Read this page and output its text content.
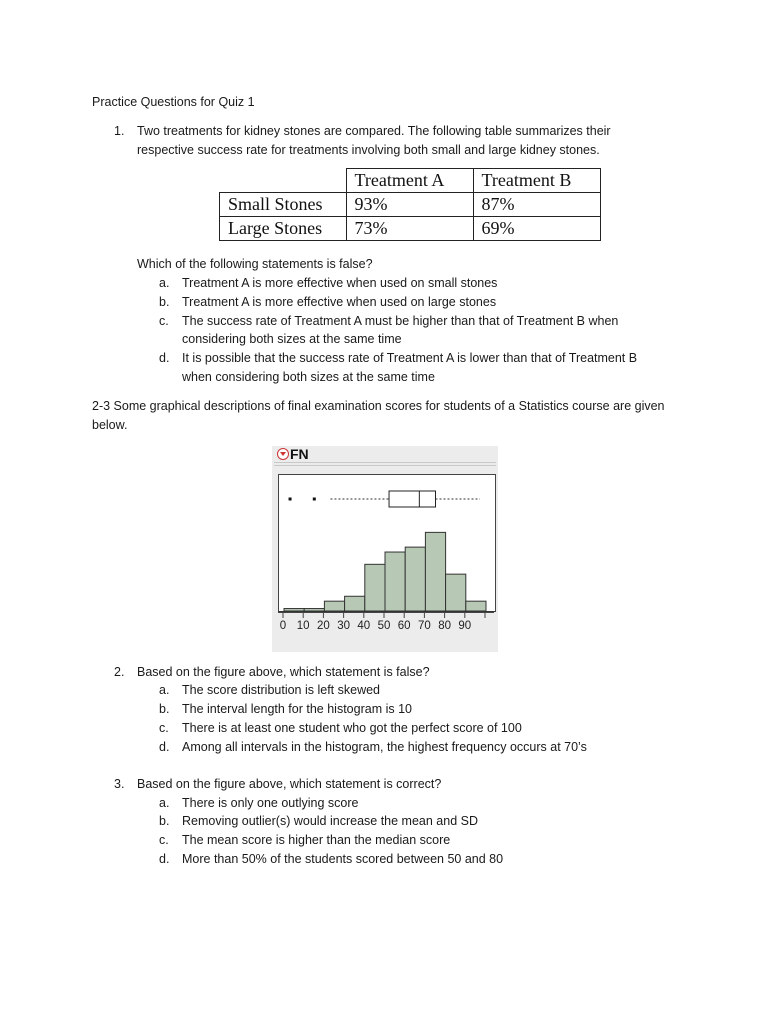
Practice Questions for Quiz 1
1. Two treatments for kidney stones are compared. The following table summarizes their
respective success rate for treatments involving both small and large kidney stones.
	Treatment A	Treatment B
Small Stones	93%	87%
Large Stones	73%	69%
Which of the following statements is false?
a. Treatment A is more effective when used on small stones
b. Treatment A is more effective when used on large stones
c. The success rate of Treatment A must be higher than that of Treatment B when
considering both sizes at the same time
d. It is possible that the success rate of Treatment A is lower than that of Treatment B
when considering both sizes at the same time
2-3 Some graphical descriptions of final examination scores for students of a Statistics course are given
below.
FN
0 10 20 30 40 50 60 70 80 90
2. Based on the figure above, which statement is false?
a. The score distribution is left skewed
b. The interval length for the histogram is 10
c. There is at least one student who got the perfect score of 100
d. Among all intervals in the histogram, the highest frequency occurs at 70’s
3. Based on the figure above, which statement is correct?
a. There is only one outlying score
b. Removing outlier(s) would increase the mean and SD
c. The mean score is higher than the median score
d. More than 50% of the students scored between 50 and 80
